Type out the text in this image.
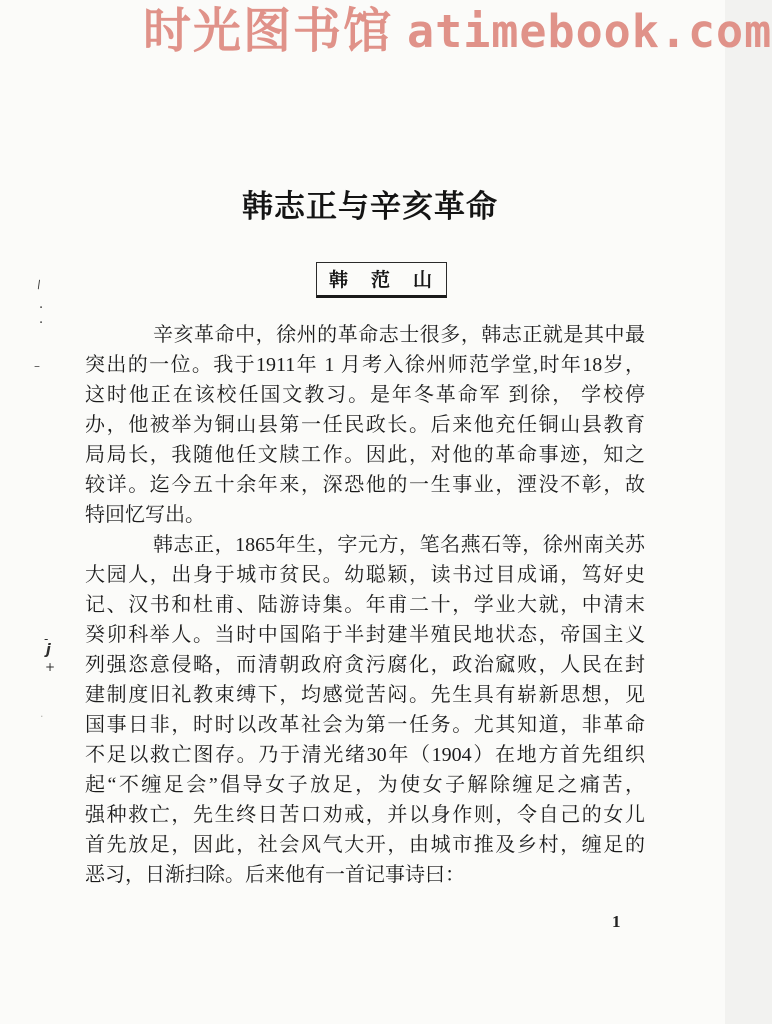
时光图书馆 atimebook.com
韩志正与辛亥革命
韩　范　山
辛亥革命中，徐州的革命志士很多，韩志正就是其中最
突出的一位。我于1911年 1 月考入徐州师范学堂,时年18岁，
这时他正在该校任国文教习。是年冬革命军 到徐， 学校停
办，他被举为铜山县第一任民政长。后来他充任铜山县教育
局局长，我随他任文牍工作。因此，对他的革命事迹，知之
较详。迄今五十余年来，深恐他的一生事业，湮没不彰，故
特回忆写出。
韩志正，1865年生，字元方，笔名燕石等，徐州南关苏
大园人，出身于城市贫民。幼聪颖，读书过目成诵，笃好史
记、汉书和杜甫、陆游诗集。年甫二十，学业大就，中清末
癸卯科举人。当时中国陷于半封建半殖民地状态，帝国主义
列强恣意侵略，而清朝政府贪污腐化，政治窳败，人民在封
建制度旧礼教束缚下，均感觉苦闷。先生具有崭新思想，见
国事日非，时时以改革社会为第一任务。尤其知道，非革命
不足以救亡图存。乃于清光绪30年（1904）在地方首先组织
起“不缠足会”倡导女子放足，为使女子解除缠足之痛苦，
强种救亡，先生终日苦口劝戒，并以身作则，令自己的女儿
首先放足，因此，社会风气大开，由城市推及乡村，缠足的
恶习，日渐扫除。后来他有一首记事诗曰：
1
\
·
·
–
-
j
+
·
